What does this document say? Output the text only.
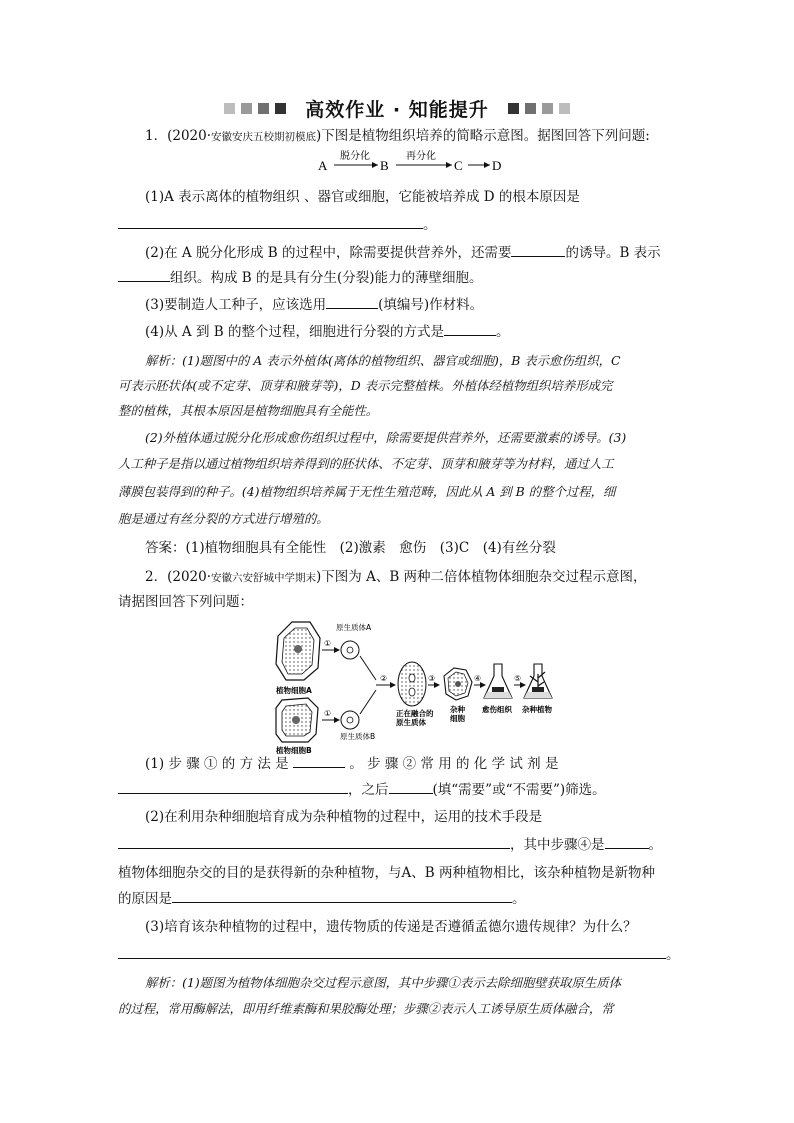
高效作业 · 知能提升
1．(2020·安徽安庆五校期初模底)下图是植物组织培养的简略示意图。据图回答下列问题:
A
脱分化
B
再分化
C D
(1)A 表示离体的植物组织 、器官或细胞，它能被培养成 D 的根本原因是
。
(2)在 A 脱分化形成 B 的过程中，除需要提供营养外，还需要	的诱导。B 表示
组织。构成 B 的是具有分生(分裂)能力的薄壁细胞。
(3)要制造人工种子，应该选用	(填编号)作材料。
(4)从 A 到 B 的整个过程，细胞进行分裂的方式是	。
解析：(1)题图中的 A 表示外植体(离体的植物组织、器官或细胞)，B 表示愈伤组织，C
可表示胚状体(或不定芽、顶芽和腋芽等)，D 表示完整植株。外植体经植物组织培养形成完
整的植株，其根本原因是植物细胞具有全能性。
(2)外植体通过脱分化形成愈伤组织过程中，除需要提供营养外，还需要激素的诱导。(3)
人工种子是指以通过植物组织培养得到的胚状体、不定芽、顶芽和腋芽等为材料，通过人工
薄膜包装得到的种子。(4)植物组织培养属于无性生殖范畴，因此从 A 到 B 的整个过程，细
胞是通过有丝分裂的方式进行增殖的。
答案：(1)植物细胞具有全能性　(2)激素　愈伤　(3)C　(4)有丝分裂
2．(2020·安徽六安舒城中学期末)下图为 A、B 两种二倍体植物体细胞杂交过程示意图，
请据图回答下列问题：
植物细胞A
植物细胞B
①
①
原生质体A
原生质体B
②
正在融合的
原生质体
③
杂种
细胞
④
愈伤组织
⑤
杂种植物
(1) 步 骤 ① 的 方 法 是	。 步 骤 ② 常 用 的 化 学 试 剂 是
，之后	(填“需要”或“不需要”)筛选。
(2)在利用杂种细胞培育成为杂种植物的过程中，运用的技术手段是
，其中步骤④是	。
植物体细胞杂交的目的是获得新的杂种植物，与A、B 两种植物相比，该杂种植物是新物种
的原因是	。
(3)培育该杂种植物的过程中，遗传物质的传递是否遵循孟德尔遗传规律？为什么？
。
解析：(1)题图为植物体细胞杂交过程示意图，其中步骤①表示去除细胞壁获取原生质体
的过程，常用酶解法，即用纤维素酶和果胶酶处理；步骤②表示人工诱导原生质体融合，常
